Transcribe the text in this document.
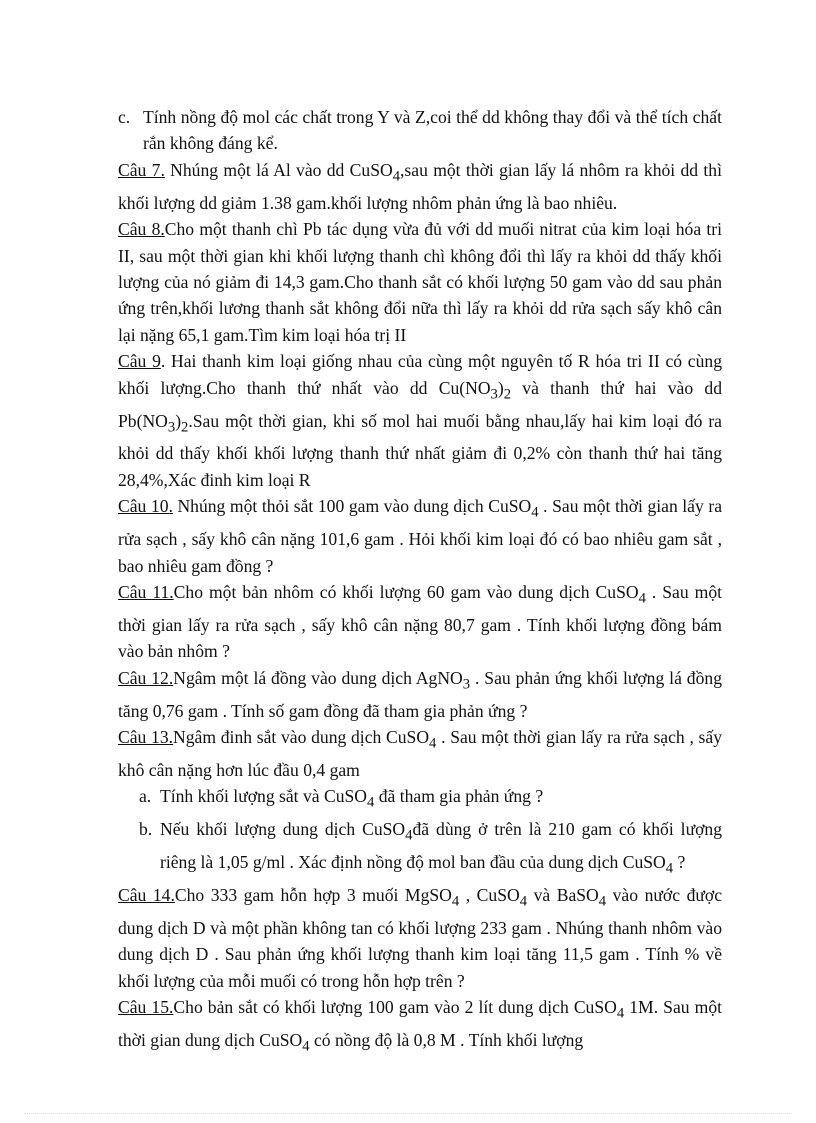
c. Tính nồng độ mol các chất trong Y và Z,coi thể dd không thay đổi và thể tích chất rắn không đáng kể.

Câu 7. Nhúng một lá Al vào dd CuSO$_4$,sau một thời gian lấy lá nhôm ra khỏi dd thì khối lượng dd giảm 1.38 gam.khối lượng nhôm phản ứng là bao nhiêu.

Câu 8.Cho một thanh chì Pb tác dụng vừa đủ với dd muối nitrat của kim loại hóa tri II, sau một thời gian khi khối lượng thanh chì không đổi thì lấy ra khỏi dd thấy khối lượng của nó giảm đi 14,3 gam.Cho thanh sắt có khối lượng 50 gam vào dd sau phản ứng trên,khối lương thanh sắt không đổi nữa thì lấy ra khỏi dd rửa sạch sấy khô cân lại nặng 65,1 gam.Tìm kim loại hóa trị II

Câu 9. Hai thanh kim loại giống nhau của cùng một nguyên tố R hóa tri II có cùng khối lượng.Cho thanh thứ nhất vào dd $Cu(NO_3)_2$ và thanh thứ hai vào dd $Pb(NO_3)_2.Sau$ một thời gian, khi số mol hai muối bằng nhau,lấy hai kim loại đó ra khỏi dd thấy khối khối lượng thanh thứ nhất giảm đi 0,2% còn thanh thứ hai tăng 28,4%,Xác đinh kim loại R

Câu 10. Nhúng một thỏi sắt 100 gam vào dung dịch CuSO$_4$ . Sau một thời gian lấy ra rửa sạch , sấy khô cân nặng 101,6 gam . Hỏi khối kim loại đó có bao nhiêu gam sắt , bao nhiêu gam đồng ?

Câu 11.Cho một bản nhôm có khối lượng 60 gam vào dung dịch CuSO$_4$ . Sau một thời gian lấy ra rửa sạch , sấy khô cân nặng 80,7 gam . Tính khối lượng đồng bám vào bản nhôm ?

Câu 12.Ngâm một lá đồng vào dung dịch AgNO$_3$ . Sau phản ứng khối lượng lá đồng tăng 0,76 gam . Tính số gam đồng đã tham gia phản ứng ?

Câu 13.Ngâm đinh sắt vào dung dịch CuSO$_4$ . Sau một thời gian lấy ra rửa sạch , sấy khô cân nặng hơn lúc đầu 0,4 gam

a. Tính khối lượng sắt và CuSO$_4$ đã tham gia phản ứng ?
b. Nếu khối lượng dung dịch CuSO$_4$đã dùng ở trên là 210 gam có khối lượng riêng là 1,05 g/ml . Xác định nồng độ mol ban đầu của dung dịch CuSO$_4$ ?

Câu 14.Cho 333 gam hỗn hợp 3 muối MgSO$_4$ , CuSO$_4$ và BaSO$_4$ vào nước được dung dịch D và một phần không tan có khối lượng 233 gam . Nhúng thanh nhôm vào dung dịch D . Sau phản ứng khối lượng thanh kim loại tăng 11,5 gam . Tính % về khối lượng của mỗi muối có trong hỗn hợp trên ?

Câu 15.Cho bản sắt có khối lượng 100 gam vào 2 lít dung dịch CuSO$_4$ 1M. Sau một thời gian dung dịch CuSO$_4$ có nồng độ là 0,8 M . Tính khối lượng
